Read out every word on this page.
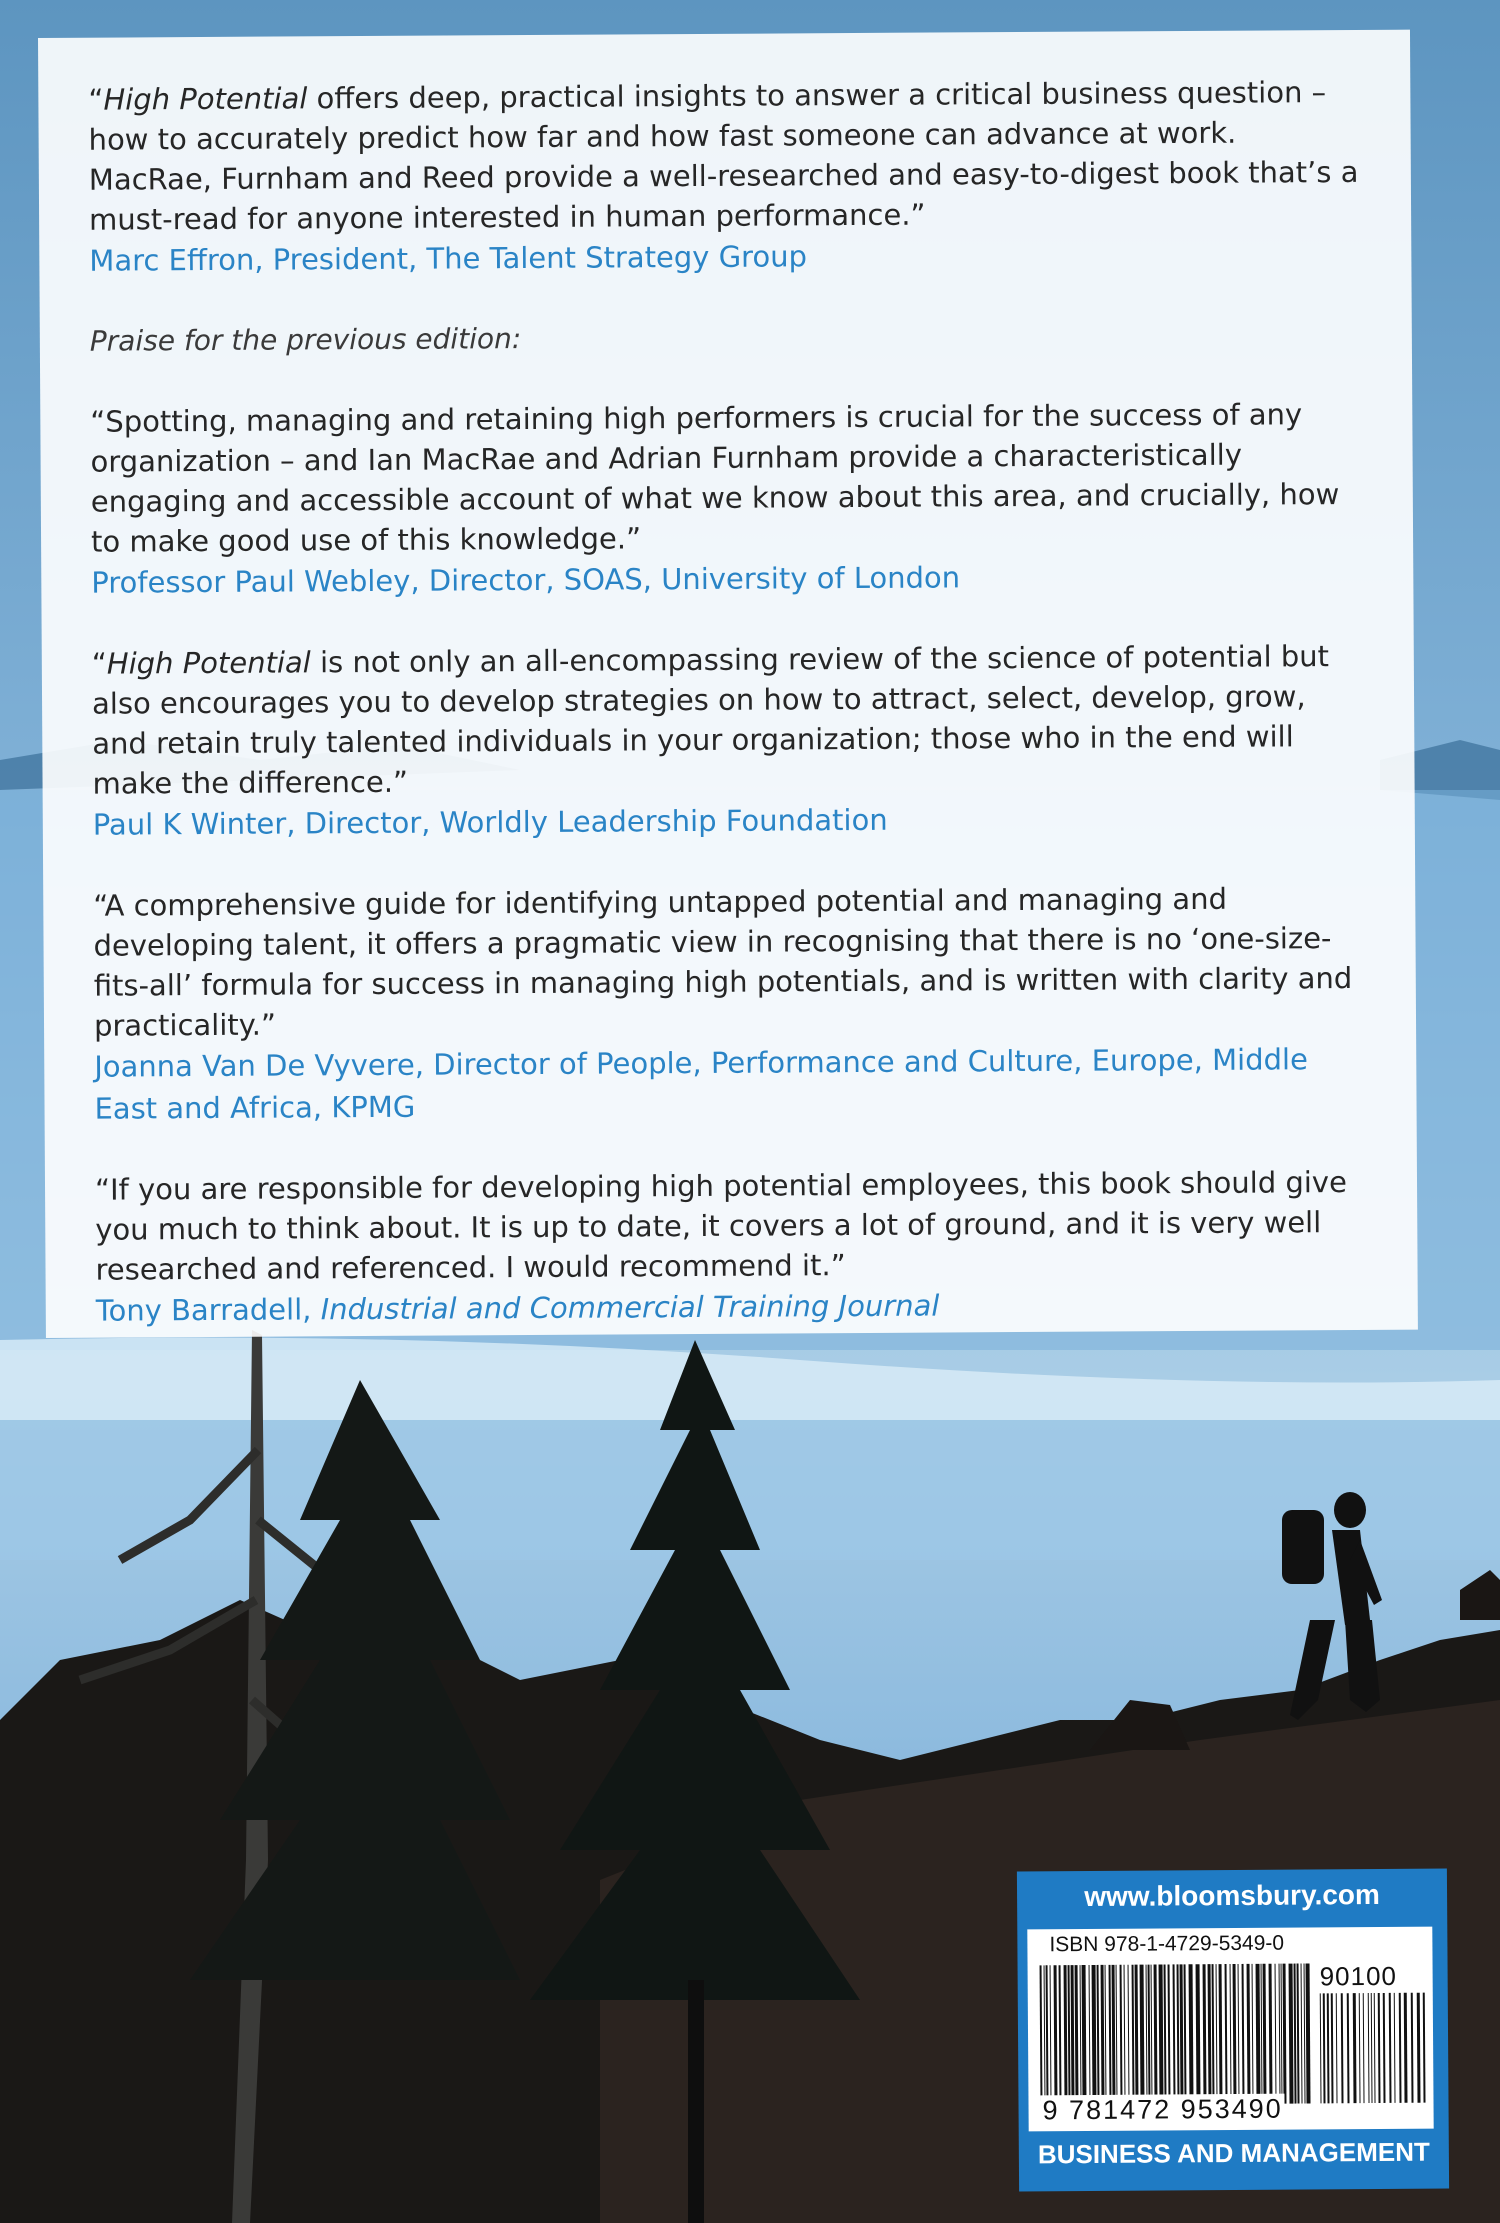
“High Potential offers deep, practical insights to answer a critical business question – how to accurately predict how far and how fast someone can advance at work. MacRae, Furnham and Reed provide a well-researched and easy-to-digest book that’s a must-read for anyone interested in human performance.”

Marc Effron, President, The Talent Strategy Group

Praise for the previous edition:

“Spotting, managing and retaining high performers is crucial for the success of any organization – and Ian MacRae and Adrian Furnham provide a characteristically engaging and accessible account of what we know about this area, and crucially, how to make good use of this knowledge.”

Professor Paul Webley, Director, SOAS, University of London

“High Potential is not only an all-encompassing review of the science of potential but also encourages you to develop strategies on how to attract, select, develop, grow, and retain truly talented individuals in your organization; those who in the end will make the difference.”

Paul K Winter, Director, Worldly Leadership Foundation

“A comprehensive guide for identifying untapped potential and managing and developing talent, it offers a pragmatic view in recognising that there is no ‘one-size-fits-all’ formula for success in managing high potentials, and is written with clarity and practicality.”

Joanna Van De Vyvere, Director of People, Performance and Culture, Europe, Middle East and Africa, KPMG

“If you are responsible for developing high potential employees, this book should give you much to think about. It is up to date, it covers a lot of ground, and it is very well researched and referenced. I would recommend it.”

Tony Barradell, Industrial and Commercial Training Journal

www.bloomsbury.com
ISBN 978-1-4729-5349-0
90100
9 781472 953490
BUSINESS AND MANAGEMENT
